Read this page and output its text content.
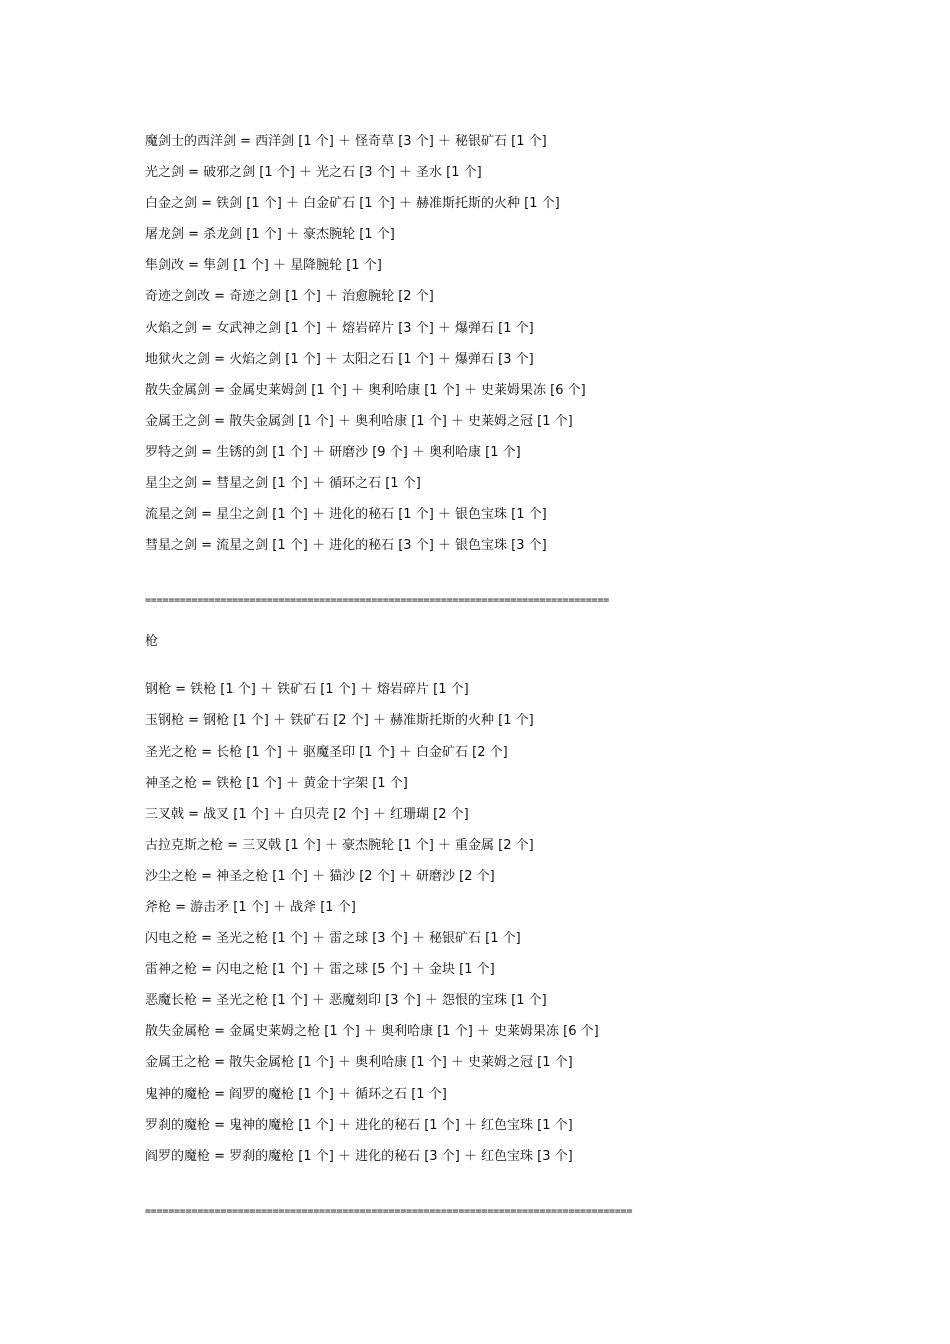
魔剑士的西洋剑 = 西洋剑 [1 个] ＋ 怪奇草 [3 个] ＋ 秘银矿石 [1 个]
光之剑 = 破邪之剑 [1 个] ＋ 光之石 [3 个] ＋ 圣水 [1 个]
白金之剑 = 铁剑 [1 个] ＋ 白金矿石 [1 个] ＋ 赫准斯托斯的火种 [1 个]
屠龙剑 = 杀龙剑 [1 个] ＋ 豪杰腕轮 [1 个]
隼剑改 = 隼剑 [1 个] ＋ 星降腕轮 [1 个]
奇迹之剑改 = 奇迹之剑 [1 个] ＋ 治愈腕轮 [2 个]
火焰之剑 = 女武神之剑 [1 个] ＋ 熔岩碎片 [3 个] ＋ 爆弹石 [1 个]
地狱火之剑 = 火焰之剑 [1 个] ＋ 太阳之石 [1 个] ＋ 爆弹石 [3 个]
散失金属剑 = 金属史莱姆剑 [1 个] ＋ 奥利哈康 [1 个] ＋ 史莱姆果冻 [6 个]
金属王之剑 = 散失金属剑 [1 个] ＋ 奥利哈康 [1 个] ＋ 史莱姆之冠 [1 个]
罗特之剑 = 生锈的剑 [1 个] ＋ 研磨沙 [9 个] ＋ 奥利哈康 [1 个]
星尘之剑 = 彗星之剑 [1 个] ＋ 循环之石 [1 个]
流星之剑 = 星尘之剑 [1 个] ＋ 进化的秘石 [1 个] ＋ 银色宝珠 [1 个]
彗星之剑 = 流星之剑 [1 个] ＋ 进化的秘石 [3 个] ＋ 银色宝珠 [3 个]
================================================================================
枪
钢枪 = 铁枪 [1 个] ＋ 铁矿石 [1 个] ＋ 熔岩碎片 [1 个]
玉钢枪 = 钢枪 [1 个] ＋ 铁矿石 [2 个] ＋ 赫准斯托斯的火种 [1 个]
圣光之枪 = 长枪 [1 个] ＋ 驱魔圣印 [1 个] ＋ 白金矿石 [2 个]
神圣之枪 = 铁枪 [1 个] ＋ 黄金十字架 [1 个]
三叉戟 = 战叉 [1 个] ＋ 白贝壳 [2 个] ＋ 红珊瑚 [2 个]
古拉克斯之枪 = 三叉戟 [1 个] ＋ 豪杰腕轮 [1 个] ＋ 重金属 [2 个]
沙尘之枪 = 神圣之枪 [1 个] ＋ 猫沙 [2 个] ＋ 研磨沙 [2 个]
斧枪 = 游击矛 [1 个] ＋ 战斧 [1 个]
闪电之枪 = 圣光之枪 [1 个] ＋ 雷之球 [3 个] ＋ 秘银矿石 [1 个]
雷神之枪 = 闪电之枪 [1 个] ＋ 雷之球 [5 个] ＋ 金块 [1 个]
恶魔长枪 = 圣光之枪 [1 个] ＋ 恶魔刻印 [3 个] ＋ 怨恨的宝珠 [1 个]
散失金属枪 = 金属史莱姆之枪 [1 个] ＋ 奥利哈康 [1 个] ＋ 史莱姆果冻 [6 个]
金属王之枪 = 散失金属枪 [1 个] ＋ 奥利哈康 [1 个] ＋ 史莱姆之冠 [1 个]
鬼神的魔枪 = 阎罗的魔枪 [1 个] ＋ 循环之石 [1 个]
罗刹的魔枪 = 鬼神的魔枪 [1 个] ＋ 进化的秘石 [1 个] ＋ 红色宝珠 [1 个]
阎罗的魔枪 = 罗刹的魔枪 [1 个] ＋ 进化的秘石 [3 个] ＋ 红色宝珠 [3 个]
====================================================================================
